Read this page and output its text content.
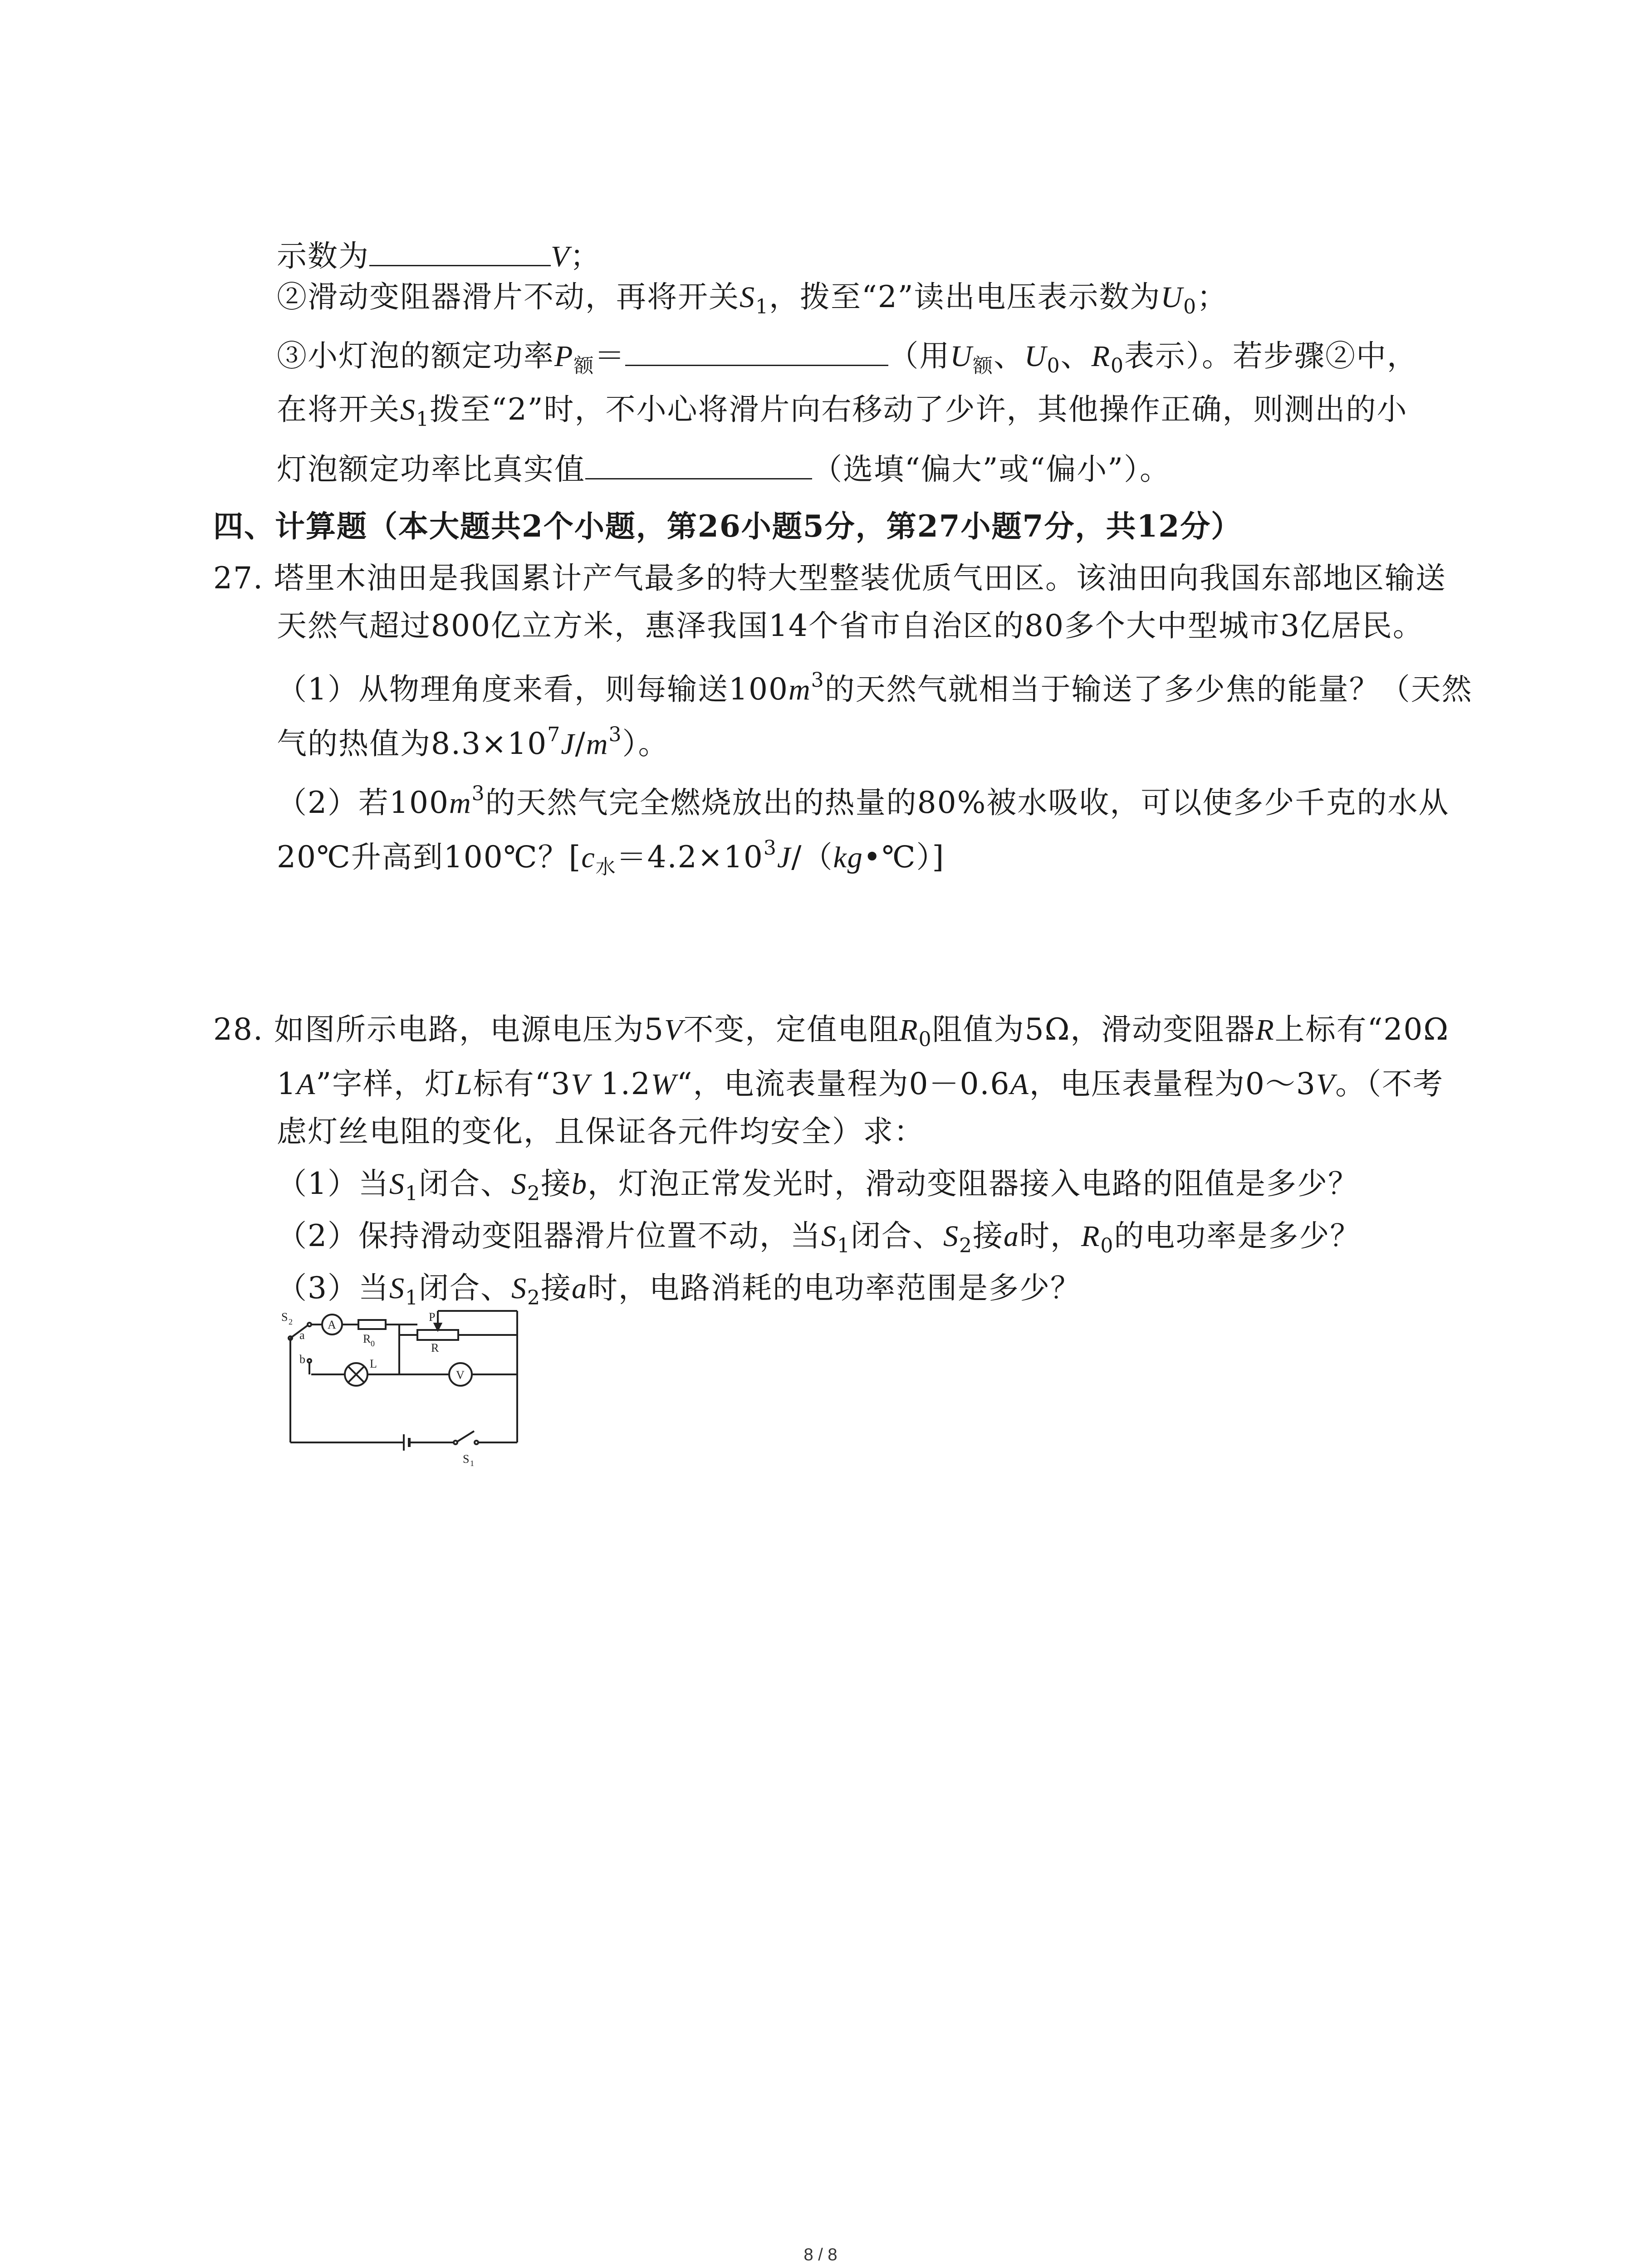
示数为	V；
②滑动变阻器滑片不动，再将开关$S_1$，拨至“2”读出电压表示数为$U_0$；
③小灯泡的额定功率$P_额=$	（用$U_额$、$U_0$、$R_0$表示）。若步骤②中，
在将开关$S_1$拨至“2”时，不小心将滑片向右移动了少许，其他操作正确，则测出的小
灯泡额定功率比真实值	（选填“偏大”或“偏小”）。
四、计算题（本大题共2个小题，第26小题5分，第27小题7分，共12分）
27. 塔里木油田是我国累计产气最多的特大型整装优质气田区。该油田向我国东部地区输送
天然气超过800亿立方米，惠泽我国14个省市自治区的80多个大中型城市3亿居民。
（1）从物理角度来看，则每输送$100m^3$的天然气就相当于输送了多少焦的能量？（天然
气的热值为$8.3\times 10^7J/m^3$）。
（2）若$100m^3$的天然气完全燃烧放出的热量的80%被水吸收，可以使多少千克的水从
20℃升高到100℃？$[c_水=4.2\times 10^3J/(kg•℃)]$
28. 如图所示电路，电源电压为5V不变，定值电阻$R_0$阻值为5Ω，滑动变阻器R上标有“20Ω
1A”字样，灯L标有“3V 1.2W“，电流表量程为0－0.6A，电压表量程为0～3V。（不考
虑灯丝电阻的变化，且保证各元件均安全）求：
（1）当$S_1$闭合、$S_2$接b，灯泡正常发光时，滑动变阻器接入电路的阻值是多少？
（2）保持滑动变阻器滑片位置不动，当$S_1$闭合、$S_2$接a时，$R_0$的电功率是多少？
（3）当$S_1$闭合、$S_2$接a时，电路消耗的电功率范围是多少？
S 2
a
b
A
R 0
P
R
L
V
S 1
8 / 8
